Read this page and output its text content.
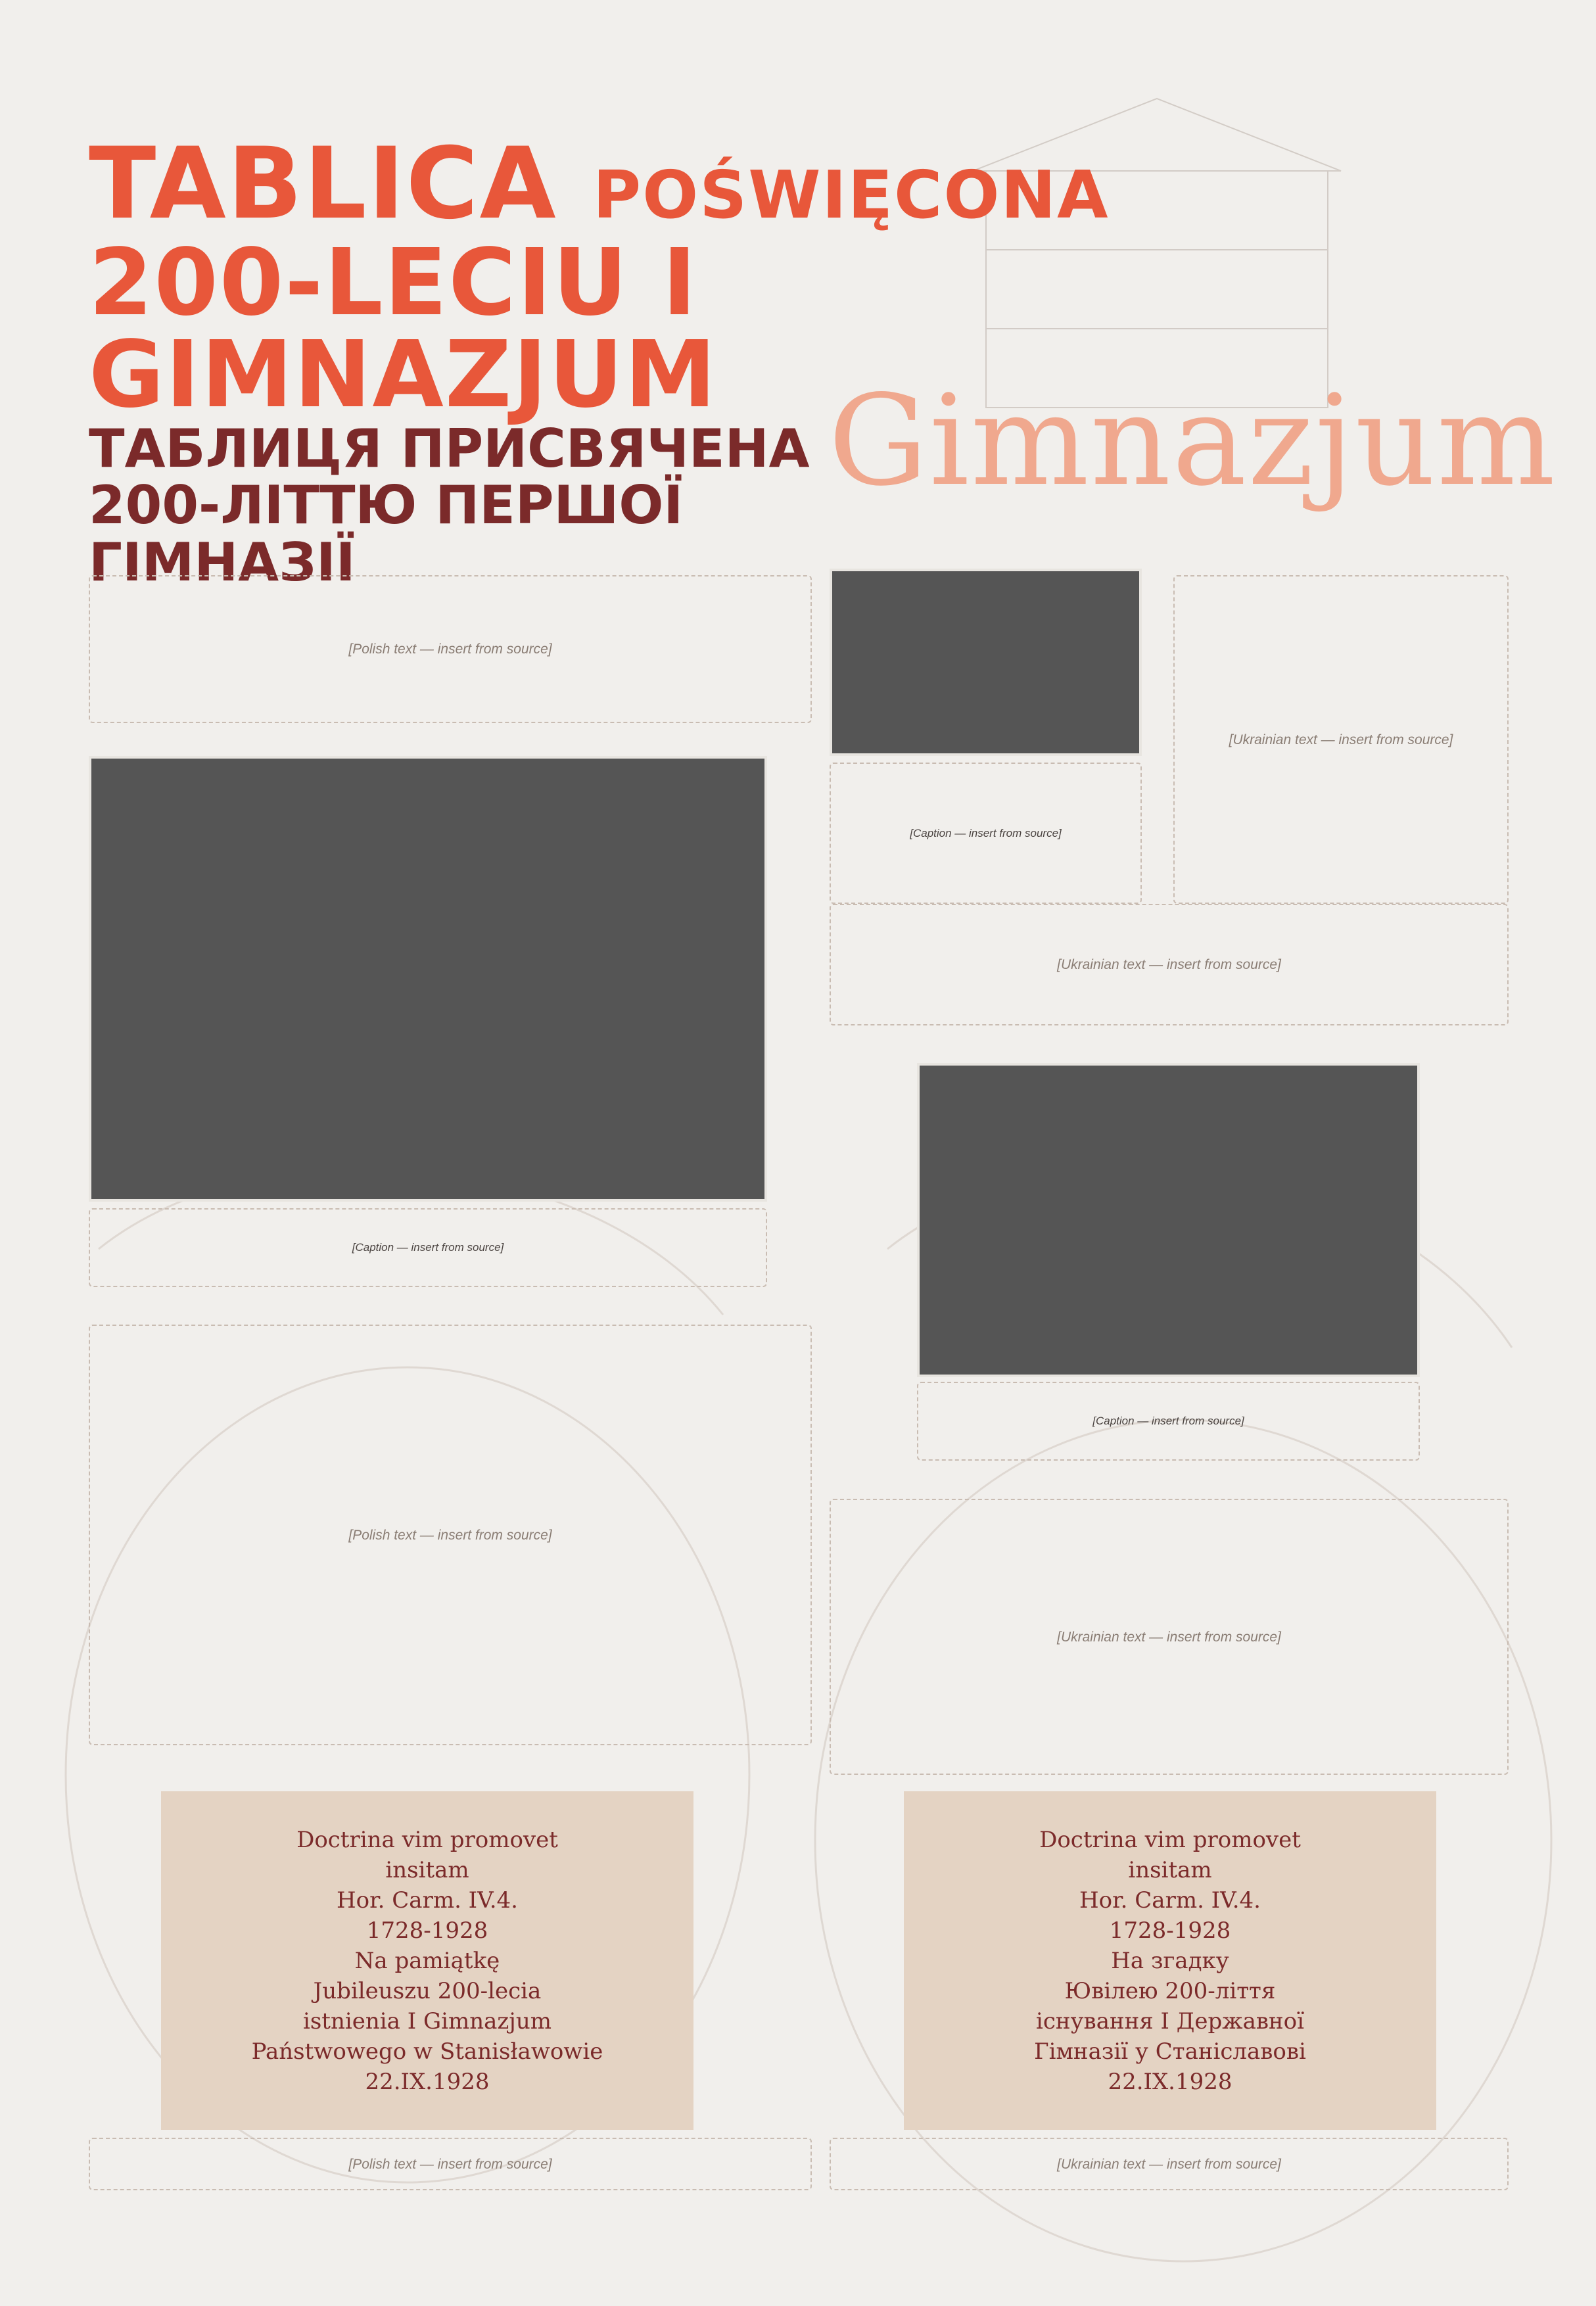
TABLICA POŚWIĘCONA
200-LECIU I GIMNAZJUM Gimnazjum
ТАБЛИЦЯ ПРИСВЯЧЕНА
200-ЛІТТЮ ПЕРШОЇ ГІМНАЗІЇ
[Polish text — insert from source]
[Caption — insert from source]
[Ukrainian text — insert from source]
[Caption — insert from source]
[Ukrainian text — insert from source]
[Caption — insert from source]
[Polish text — insert from source]
[Ukrainian text — insert from source]
Doctrina vim promovet
insitam
Hor. Carm. IV.4.
1728-1928
Na pamiątkę
Jubileuszu 200-lecia
istnienia I Gimnazjum
Państwowego w Stanisławowie
22.IX.1928
Doctrina vim promovet
insitam
Hor. Carm. IV.4.
1728-1928
На згадку
Ювілею 200-ліття
існування І Державної
Гімназії у Станіславові
22.IX.1928
[Polish text — insert from source]	[Ukrainian text — insert from source]
